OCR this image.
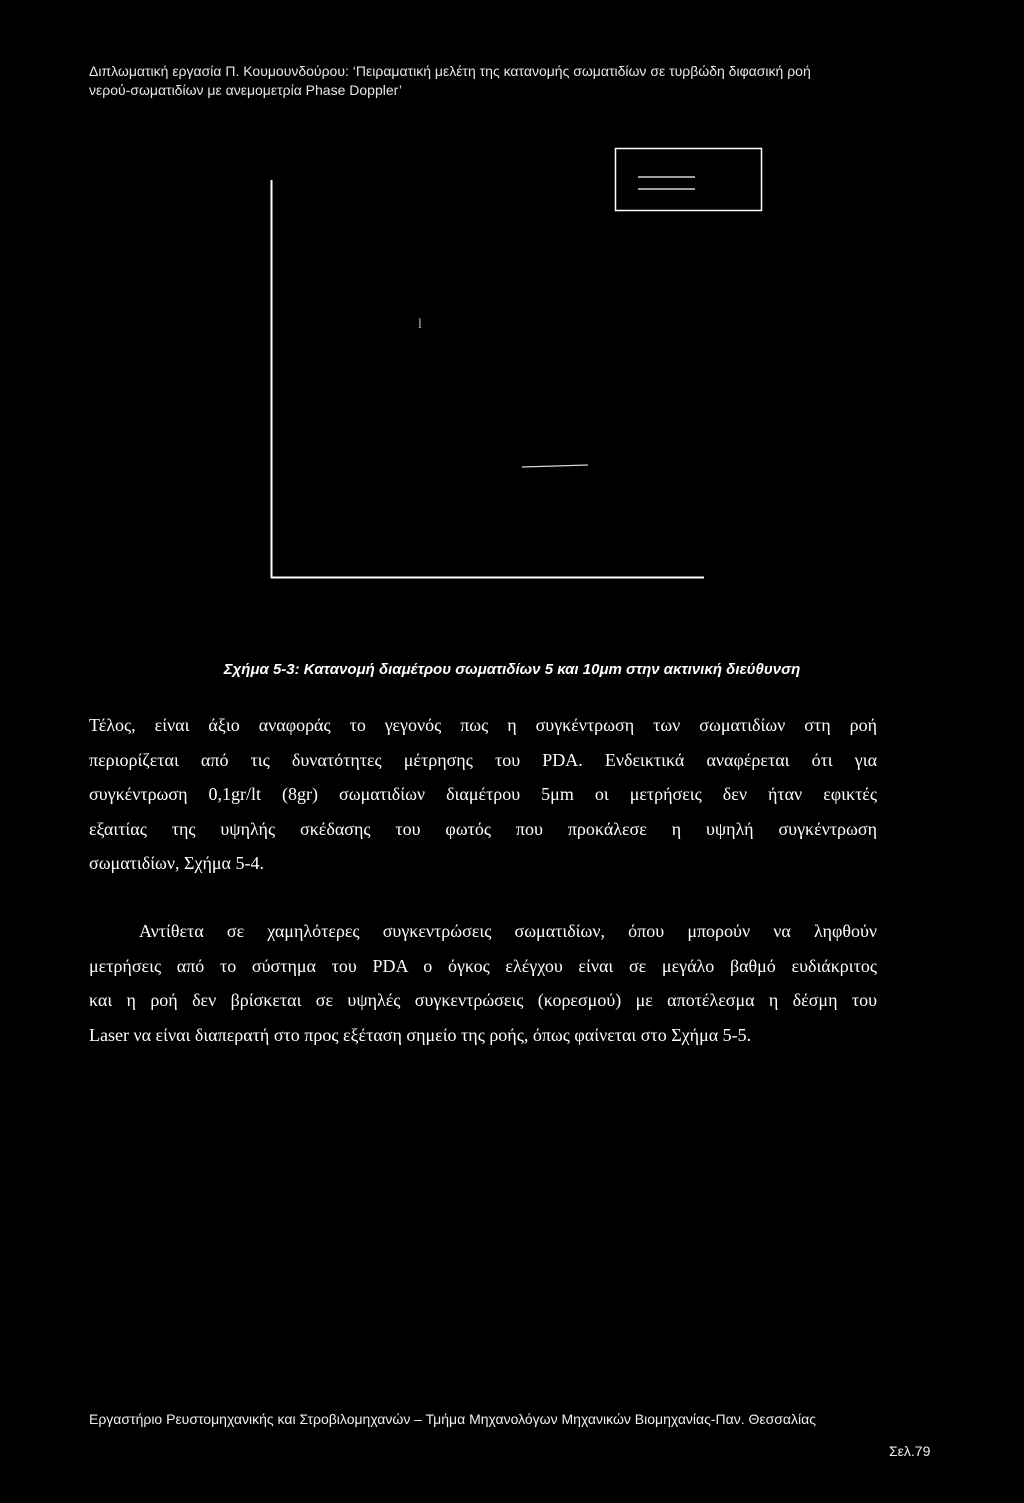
Διπλωματική εργασία Π. Κουμουνδούρου: ‘Πειραματική μελέτη της κατανομής σωματιδίων σε τυρβώδη διφασική ροή
νερού-σωματιδίων με ανεμομετρία Phase Doppler’
l
Σχήμα 5-3: Κατανομή διαμέτρου σωματιδίων 5 και 10μm στην ακτινική διεύθυνση
Τέλος, είναι άξιο αναφοράς το γεγονός πως η συγκέντρωση των σωματιδίων στη ροή
περιορίζεται από τις δυνατότητες μέτρησης του PDA. Ενδεικτικά αναφέρεται ότι για
συγκέντρωση 0,1gr/lt (8gr) σωματιδίων διαμέτρου 5μm οι μετρήσεις δεν ήταν εφικτές
εξαιτίας της υψηλής σκέδασης του φωτός που προκάλεσε η υψηλή συγκέντρωση
σωματιδίων, Σχήμα 5-4.
Αντίθετα σε χαμηλότερες συγκεντρώσεις σωματιδίων, όπου μπορούν να ληφθούν
μετρήσεις από το σύστημα του PDA ο όγκος ελέγχου είναι σε μεγάλο βαθμό ευδιάκριτος
και η ροή δεν βρίσκεται σε υψηλές συγκεντρώσεις (κορεσμού) με αποτέλεσμα η δέσμη του
Laser να είναι διαπερατή στο προς εξέταση σημείο της ροής, όπως φαίνεται στο Σχήμα 5-5.
Εργαστήριο Ρευστομηχανικής και Στροβιλομηχανών – Τμήμα Μηχανολόγων Μηχανικών Βιομηχανίας-Παν. Θεσσαλίας
Σελ.79
